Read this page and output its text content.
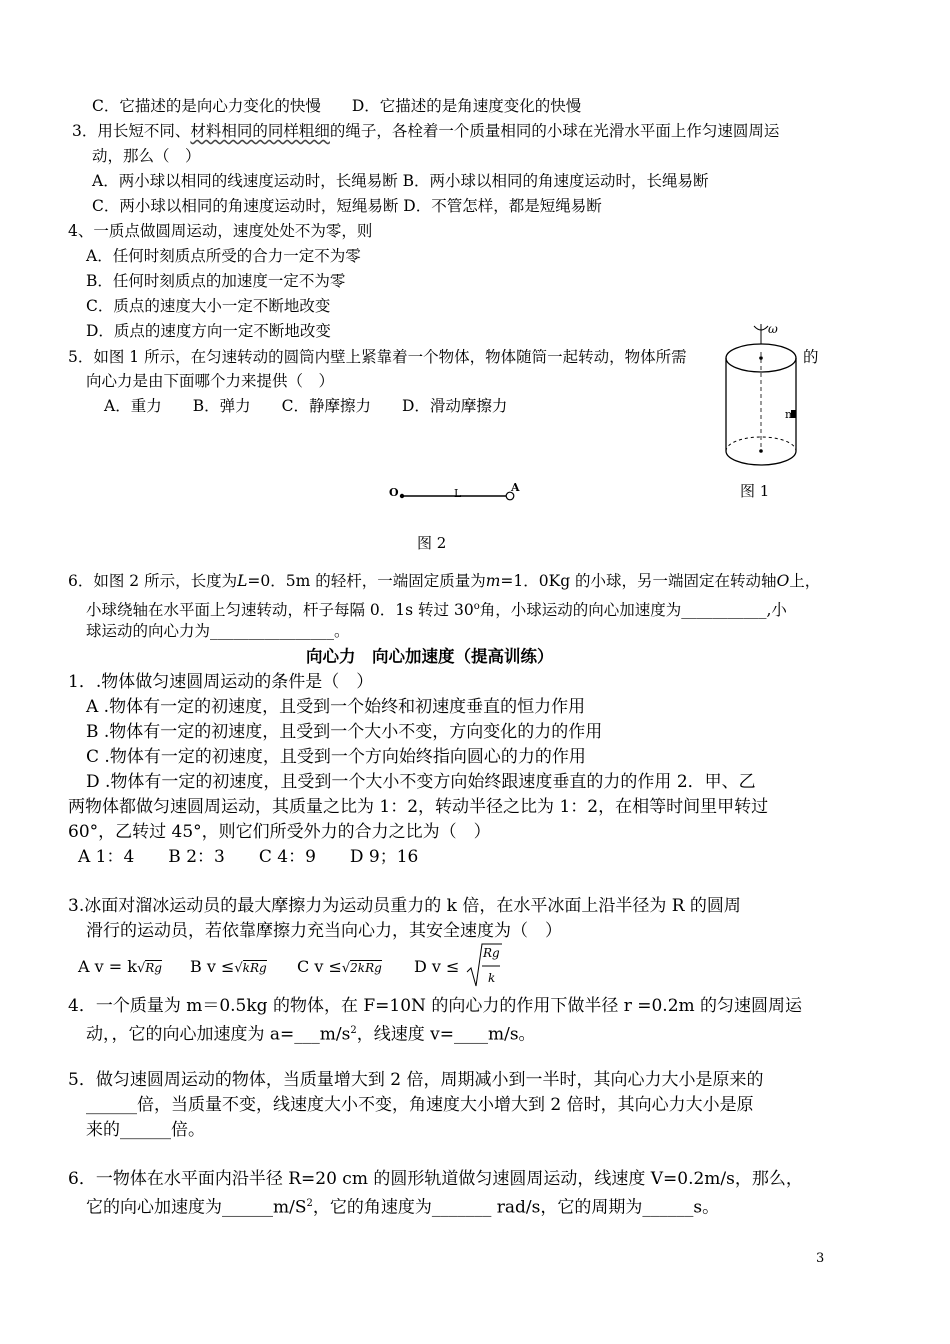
C．它描述的是向心力变化的快慢　　D．它描述的是角速度变化的快慢
3．用长短不同、材料相同的同样粗细的绳子，各栓着一个质量相同的小球在光滑水平面上作匀速圆周运
动，那么（　）
A．两小球以相同的线速度运动时，长绳易断 B．两小球以相同的角速度运动时，长绳易断
C．两小球以相同的角速度运动时，短绳易断 D．不管怎样，都是短绳易断
4、一质点做圆周运动，速度处处不为零，则
A．任何时刻质点所受的合力一定不为零
B．任何时刻质点的加速度一定不为零
C．质点的速度大小一定不断地改变
D．质点的速度方向一定不断地改变
5．如图 1 所示，在匀速转动的圆筒内壁上紧靠着一个物体，物体随筒一起转动，物体所需	的
向心力是由下面哪个力来提供（　）
A．重力　　B．弹力　　C．静摩擦力　　D．滑动摩擦力
ω
m
图 1
O	L	A
图 2
6．如图 2 所示，长度为L=0．5m 的轻杆，一端固定质量为m=1．0Kg 的小球，另一端固定在转动轴O上，
小球绕轴在水平面上匀速转动，杆子每隔 0．1s 转过 30$^o$角，小球运动的向心加速度为___________,小
球运动的向心力为________________。
向心力　向心加速度（提高训练）
1．.物体做匀速圆周运动的条件是（　）
A .物体有一定的初速度，且受到一个始终和初速度垂直的恒力作用
B .物体有一定的初速度，且受到一个大小不变，方向变化的力的作用
C .物体有一定的初速度，且受到一个方向始终指向圆心的力的作用
D .物体有一定的初速度，且受到一个大小不变方向始终跟速度垂直的力的作用 2．甲、乙
两物体都做匀速圆周运动，其质量之比为 1：2，转动半径之比为 1：2，在相等时间里甲转过
60°，乙转过 45°，则它们所受外力的合力之比为（　）
A 1：4　　B 2：3　　C 4：9　　D 9；16
3.冰面对溜冰运动员的最大摩擦力为运动员重力的 k 倍，在水平冰面上沿半径为 R 的圆周
滑行的运动员，若依靠摩擦力充当向心力，其安全速度为（　）
A v = k√Rg B v ≤√kRg C v ≤√2kRg D v ≤
Rg
k
4．一个质量为 m＝0.5kg 的物体，在 F=10N 的向心力的作用下做半径 r =0.2m 的匀速圆周运
动，，它的向心加速度为 $a=\_\_\_m/s^2$，线速度 v=____m/s。
5．做匀速圆周运动的物体，当质量增大到 2 倍，周期减小到一半时，其向心力大小是原来的
______倍，当质量不变，线速度大小不变，角速度大小增大到 2 倍时，其向心力大小是原
来的______倍。
6．一物体在水平面内沿半径 R=20 cm 的圆形轨道做匀速圆周运动，线速度 V=0.2m/s，那么，
它的向心加速度为$\_\_\_\_\_\_m/S^2$，它的角速度为_______ rad/s，它的周期为______s。
3
